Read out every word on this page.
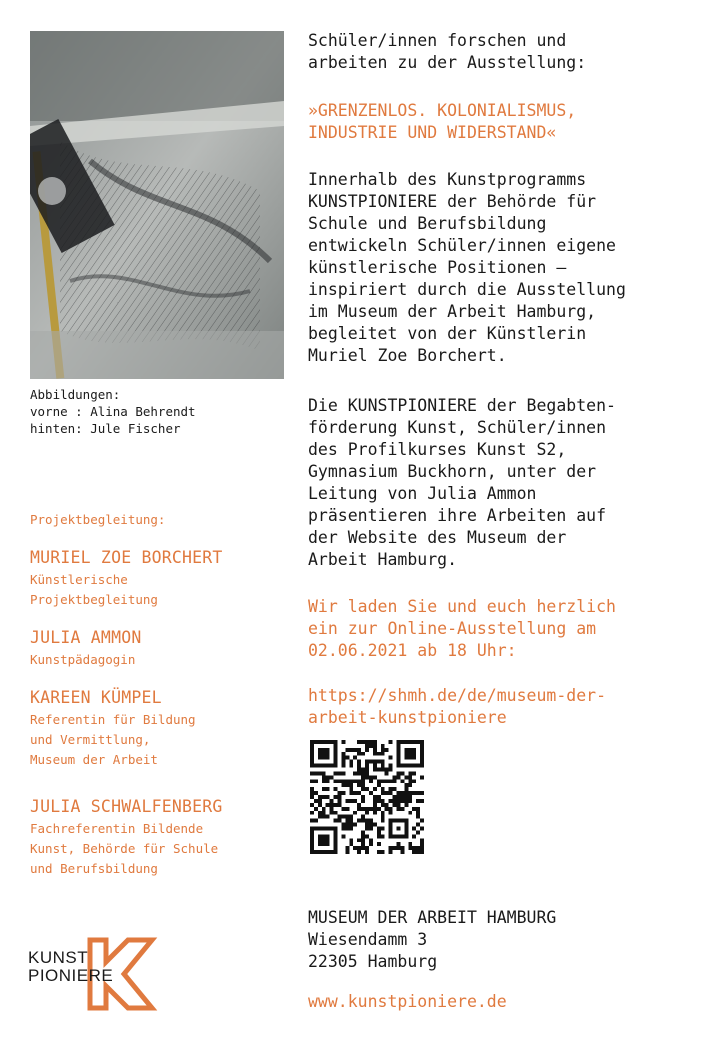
Abbildungen:
vorne : Alina Behrendt
hinten: Jule Fischer
Projektbegleitung:
MURIEL ZOE BORCHERT
Künstlerische
Projektbegleitung
JULIA AMMON
Kunstpädagogin
KAREEN KÜMPEL
Referentin für Bildung
und Vermittlung,
Museum der Arbeit
JULIA SCHWALFENBERG
Fachreferentin Bildende
Kunst, Behörde für Schule
und Berufsbildung
KUNST
PIONIERE
Schüler/innen forschen und
arbeiten zu der Ausstellung:
»GRENZENLOS. KOLONIALISMUS,
INDUSTRIE UND WIDERSTAND«
Innerhalb des Kunstprogramms
KUNSTPIONIERE der Behörde für
Schule und Berufsbildung
entwickeln Schüler/innen eigene
künstlerische Positionen –
inspiriert durch die Ausstellung
im Museum der Arbeit Hamburg,
begleitet von der Künstlerin
Muriel Zoe Borchert.
Die KUNSTPIONIERE der Begabten-
förderung Kunst, Schüler/innen
des Profilkurses Kunst S2,
Gymnasium Buckhorn, unter der
Leitung von Julia Ammon
präsentieren ihre Arbeiten auf
der Website des Museum der
Arbeit Hamburg.
Wir laden Sie und euch herzlich
ein zur Online-Ausstellung am
02.06.2021 ab 18 Uhr:
https://shmh.de/de/museum-der-
arbeit-kunstpioniere
MUSEUM DER ARBEIT HAMBURG
Wiesendamm 3
22305 Hamburg
www.kunstpioniere.de
